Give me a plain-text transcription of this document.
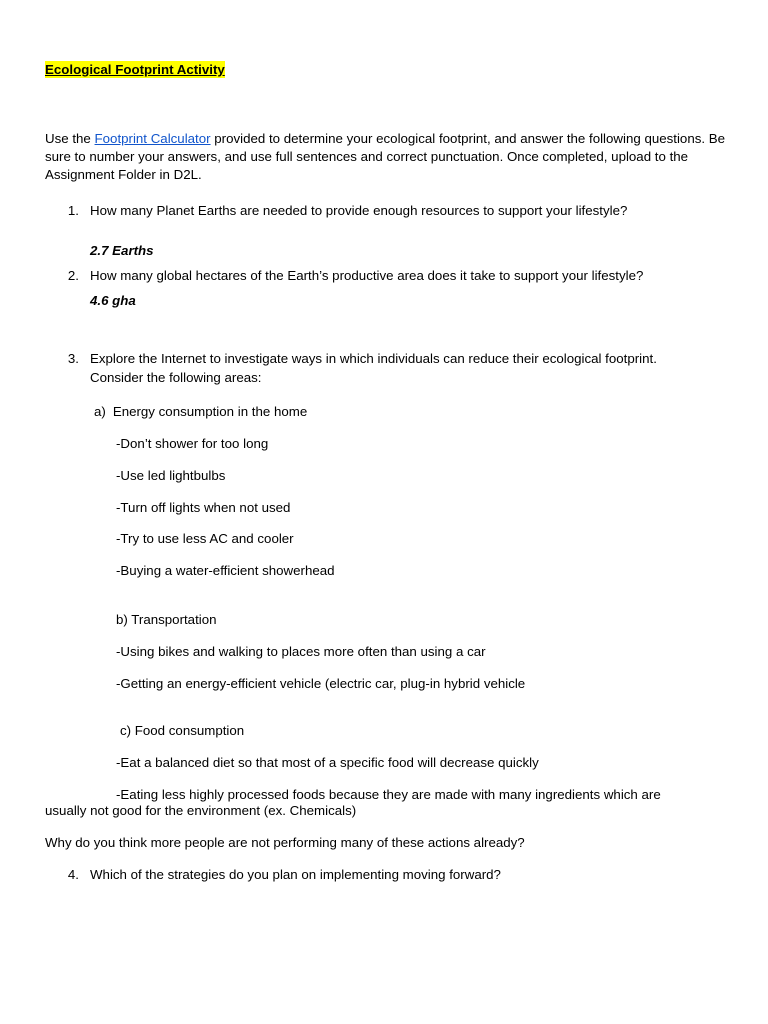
Ecological Footprint Activity
Use the Footprint Calculator provided to determine your ecological footprint, and answer the following questions. Be sure to number your answers, and use full sentences and correct punctuation. Once completed, upload to the Assignment Folder in D2L.
1. How many Planet Earths are needed to provide enough resources to support your lifestyle?
2.7 Earths
2. How many global hectares of the Earth’s productive area does it take to support your lifestyle?
4.6 gha
3. Explore the Internet to investigate ways in which individuals can reduce their ecological footprint.
Consider the following areas:
a) Energy consumption in the home
-Don’t shower for too long
-Use led lightbulbs
-Turn off lights when not used
-Try to use less AC and cooler
-Buying a water-efficient showerhead
b) Transportation
-Using bikes and walking to places more often than using a car
-Getting an energy-efficient vehicle (electric car, plug-in hybrid vehicle
c) Food consumption
-Eat a balanced diet so that most of a specific food will decrease quickly
-Eating less highly processed foods because they are made with many ingredients which are
usually not good for the environment (ex. Chemicals)
Why do you think more people are not performing many of these actions already?
4. Which of the strategies do you plan on implementing moving forward?
